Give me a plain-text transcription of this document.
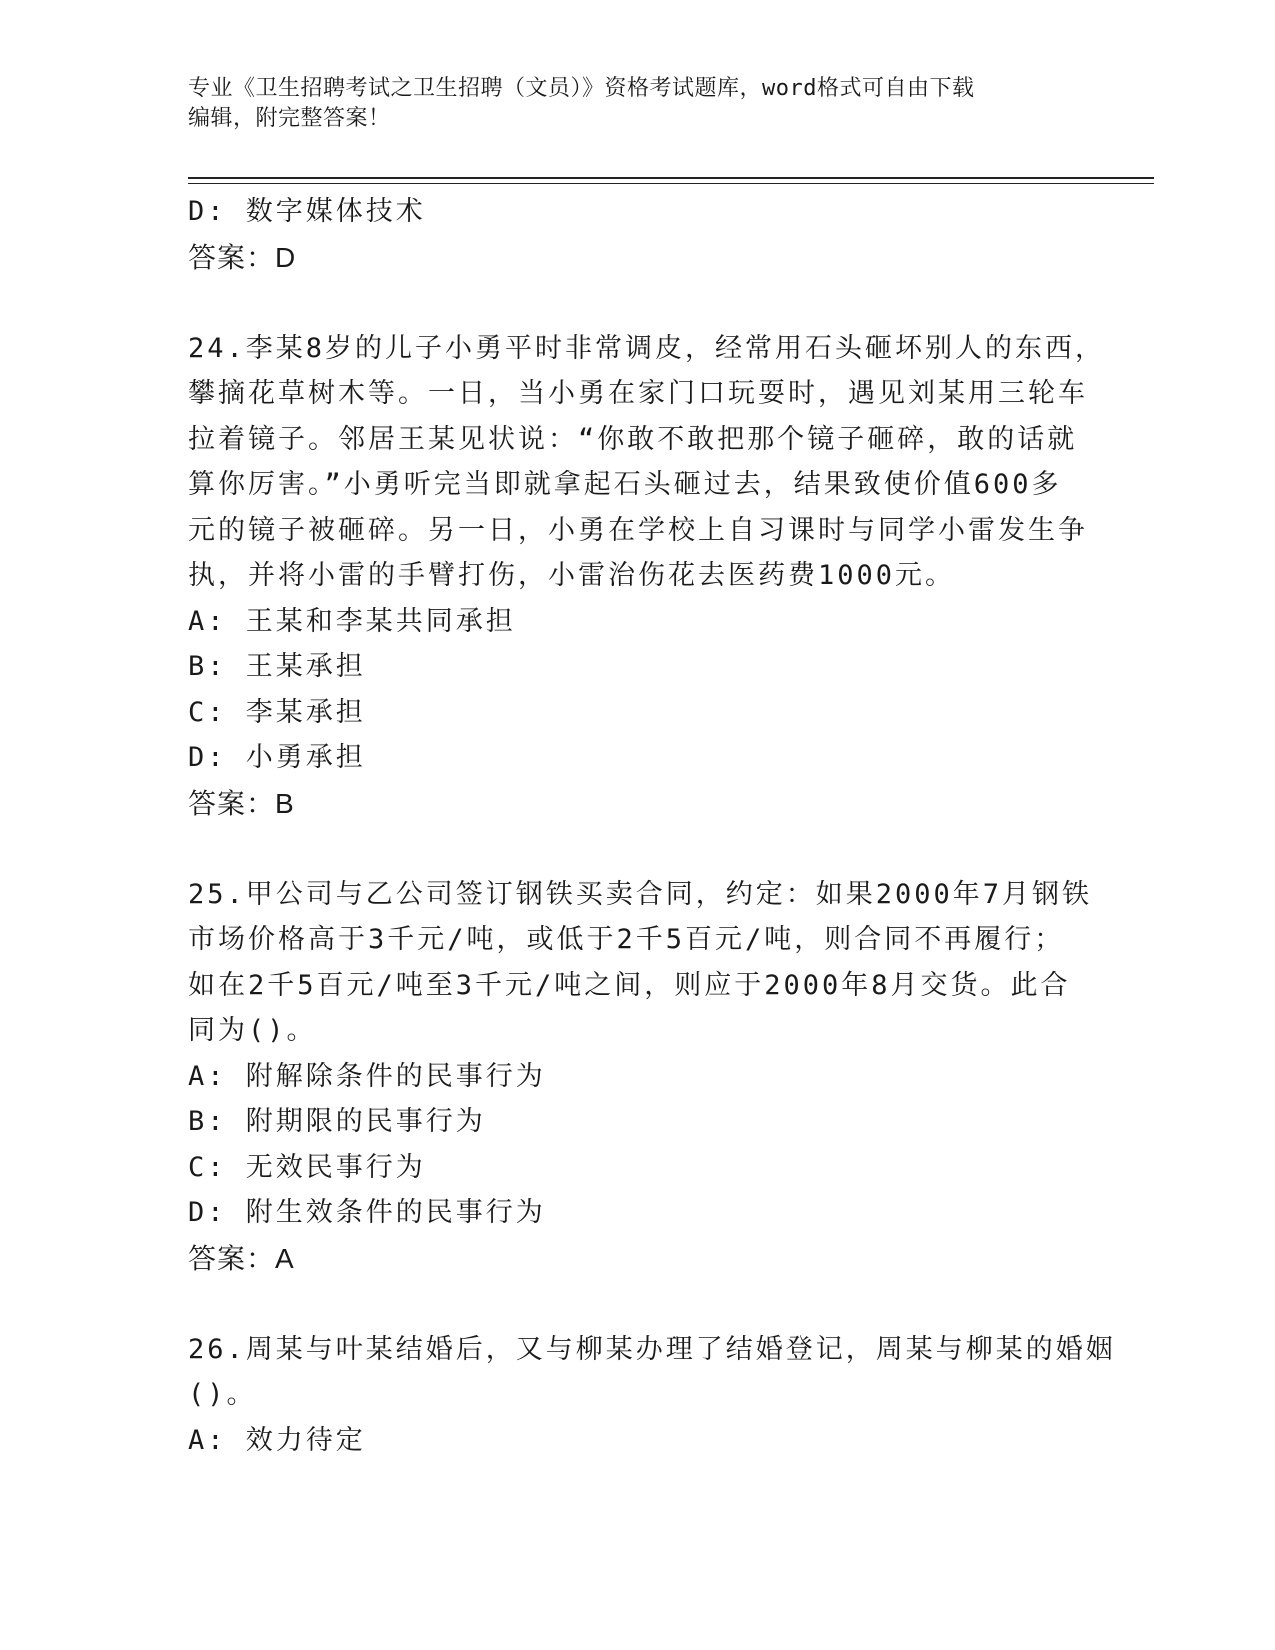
专业《卫生招聘考试之卫生招聘（文员）》资格考试题库，word格式可自由下载
编辑，附完整答案！
D: 数字媒体技术
答案：D
24.李某8岁的儿子小勇平时非常调皮，经常用石头砸坏别人的东西，
攀摘花草树木等。一日，当小勇在家门口玩耍时，遇见刘某用三轮车
拉着镜子。邻居王某见状说：“你敢不敢把那个镜子砸碎，敢的话就
算你厉害。”小勇听完当即就拿起石头砸过去，结果致使价值600多
元的镜子被砸碎。另一日，小勇在学校上自习课时与同学小雷发生争
执，并将小雷的手臂打伤，小雷治伤花去医药费1000元。
A: 王某和李某共同承担
B: 王某承担
C: 李某承担
D: 小勇承担
答案：B
25.甲公司与乙公司签订钢铁买卖合同，约定：如果2000年7月钢铁
市场价格高于3千元/吨，或低于2千5百元/吨，则合同不再履行；
如在2千5百元/吨至3千元/吨之间，则应于2000年8月交货。此合
同为()。
A: 附解除条件的民事行为
B: 附期限的民事行为
C: 无效民事行为
D: 附生效条件的民事行为
答案：A
26.周某与叶某结婚后，又与柳某办理了结婚登记，周某与柳某的婚姻
()。
A: 效力待定
